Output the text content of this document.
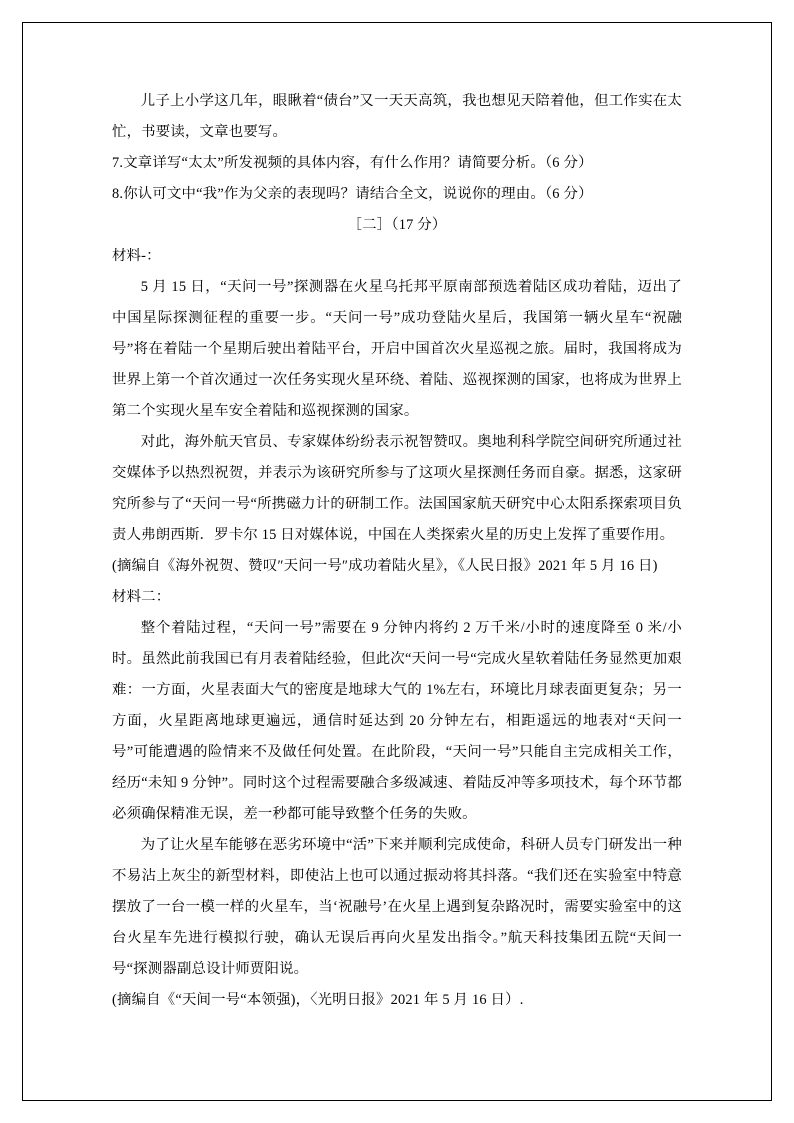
儿子上小学这几年，眼瞅着“债台”又一天天高筑，我也想见天陪着他，但工作实在太忙，书要读，文章也要写。

7.文章详写“太太”所发视频的具体内容，有什么作用？请简要分析。（6 分）

8.你认可文中“我”作为父亲的表现吗？请结合全文，说说你的理由。（6 分）

［二］（17 分）

材料-：

5 月 15 日，“天问一号”探测器在火星乌托邦平原南部预选着陆区成功着陆，迈出了中国星际探测征程的重要一步。“天问一号”成功登陆火星后，我国第一辆火星车“祝融号”将在着陆一个星期后驶出着陆平台，开启中国首次火星巡视之旅。届时，我国将成为世界上第一个首次通过一次任务实现火星环绕、着陆、巡视探测的国家，也将成为世界上第二个实现火星车安全着陆和巡视探测的国家。

对此，海外航天官员、专家媒体纷纷表示祝智赞叹。奥地利科学院空间研究所通过社交媒体予以热烈祝贺，并表示为该研究所参与了这项火星探测任务而自豪。据悉，这家研究所参与了“天问一号“所携磁力计的研制工作。法国国家航天研究中心太阳系探索项目负责人弗朗西斯．罗卡尔 15 日对媒体说，中国在人类探索火星的历史上发挥了重要作用。

(摘编自《海外祝贺、赞叹″天问一号″成功着陆火星》，《人民日报》2021 年 5 月 16 日)

材料二：

整个着陆过程，“天问一号”需要在 9 分钟内将约 2 万千米/小时的速度降至 0 米/小时。虽然此前我国已有月表着陆经验，但此次“天问一号“完成火星软着陆任务显然更加艰难：一方面，火星表面大气的密度是地球大气的 1%左右，环境比月球表面更复杂；另一方面，火星距离地球更遍远，通信时延达到 20 分钟左右，相距遥远的地表对“天问一号”可能遭遇的险情来不及做任何处置。在此阶段，“天问一号”只能自主完成相关工作，经历“未知 9 分钟”。同时这个过程需要融合多级减速、着陆反冲等多项技术，每个环节都必须确保精准无误，差一秒都可能导致整个任务的失败。

为了让火星车能够在恶劣环境中“活”下来并顺利完成使命，科研人员专门研发出一种不易沾上灰尘的新型材料，即使沾上也可以通过振动将其抖落。“我们还在实验室中特意摆放了一台一模一样的火星车，当‘祝融号’在火星上遇到复杂路况时，需要实验室中的这台火星车先进行模拟行驶，确认无误后再向火星发出指令。”航天科技集团五院“天间一号“探测器副总设计师贾阳说。

(摘编自《“天间一号“本领强)，〈光明日报》2021 年 5 月 16 日）.
